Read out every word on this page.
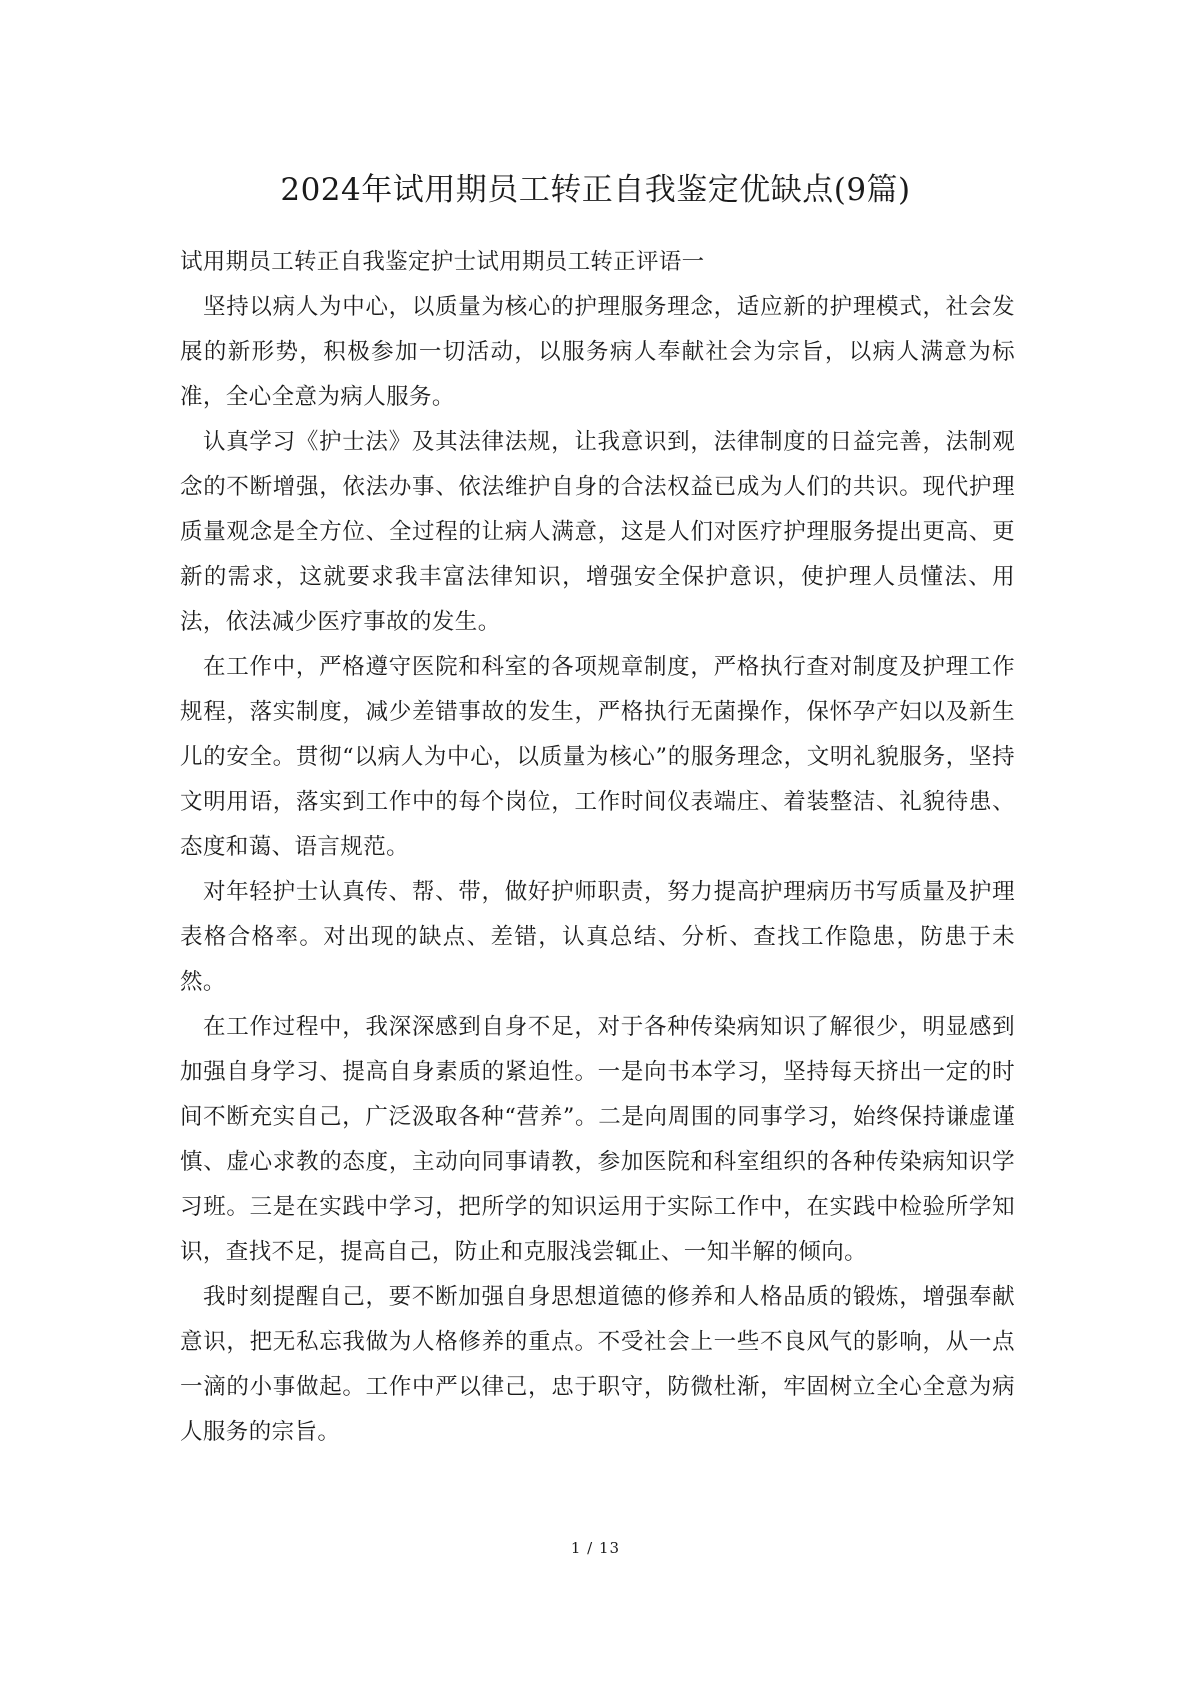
2024年试用期员工转正自我鉴定优缺点(9篇)

试用期员工转正自我鉴定护士试用期员工转正评语一

坚持以病人为中心，以质量为核心的护理服务理念，适应新的护理模式，社会发展的新形势，积极参加一切活动，以服务病人奉献社会为宗旨，以病人满意为标准，全心全意为病人服务。

认真学习《护士法》及其法律法规，让我意识到，法律制度的日益完善，法制观念的不断增强，依法办事、依法维护自身的合法权益已成为人们的共识。现代护理质量观念是全方位、全过程的让病人满意，这是人们对医疗护理服务提出更高、更新的需求，这就要求我丰富法律知识，增强安全保护意识，使护理人员懂法、用法，依法减少医疗事故的发生。

在工作中，严格遵守医院和科室的各项规章制度，严格执行查对制度及护理工作规程，落实制度，减少差错事故的发生，严格执行无菌操作，保怀孕产妇以及新生儿的安全。贯彻“以病人为中心，以质量为核心”的服务理念，文明礼貌服务，坚持文明用语，落实到工作中的每个岗位，工作时间仪表端庄、着装整洁、礼貌待患、态度和蔼、语言规范。

对年轻护士认真传、帮、带，做好护师职责，努力提高护理病历书写质量及护理表格合格率。对出现的缺点、差错，认真总结、分析、查找工作隐患，防患于未然。

在工作过程中，我深深感到自身不足，对于各种传染病知识了解很少，明显感到加强自身学习、提高自身素质的紧迫性。一是向书本学习，坚持每天挤出一定的时间不断充实自己，广泛汲取各种“营养”。二是向周围的同事学习，始终保持谦虚谨慎、虚心求教的态度，主动向同事请教，参加医院和科室组织的各种传染病知识学习班。三是在实践中学习，把所学的知识运用于实际工作中，在实践中检验所学知识，查找不足，提高自己，防止和克服浅尝辄止、一知半解的倾向。

我时刻提醒自己，要不断加强自身思想道德的修养和人格品质的锻炼，增强奉献意识，把无私忘我做为人格修养的重点。不受社会上一些不良风气的影响，从一点一滴的小事做起。工作中严以律己，忠于职守，防微杜渐，牢固树立全心全意为病人服务的宗旨。

1 / 13
